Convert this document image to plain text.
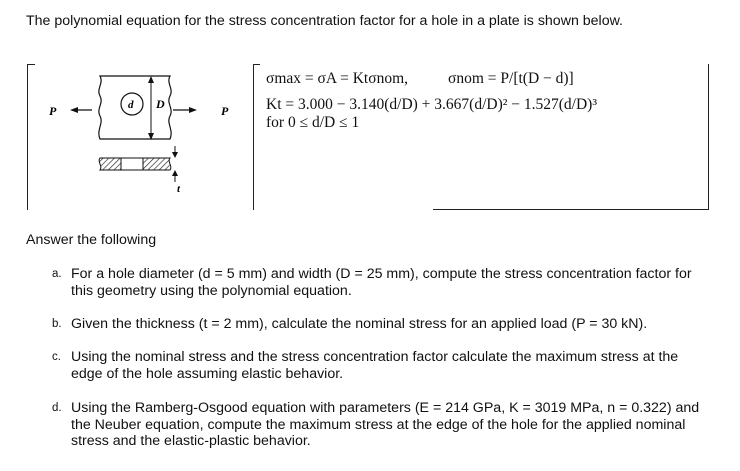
The polynomial equation for the stress concentration factor for a hole in a plate is shown below.
P	d D	P
t
σmax = σA = Ktσnom,	σnom = P/[t(D − d)]
Kt = 3.000 − 3.140(d/D) + 3.667(d/D)² − 1.527(d/D)³
for 0 ≤ d/D ≤ 1
Answer the following
a. For a hole diameter (d = 5 mm) and width (D = 25 mm), compute the stress concentration factor for this geometry using the polynomial equation.
b. Given the thickness (t = 2 mm), calculate the nominal stress for an applied load (P = 30 kN).
c. Using the nominal stress and the stress concentration factor calculate the maximum stress at the edge of the hole assuming elastic behavior.
d. Using the Ramberg-Osgood equation with parameters (E = 214 GPa, K = 3019 MPa, n = 0.322) and the Neuber equation, compute the maximum stress at the edge of the hole for the applied nominal stress and the elastic-plastic behavior.
